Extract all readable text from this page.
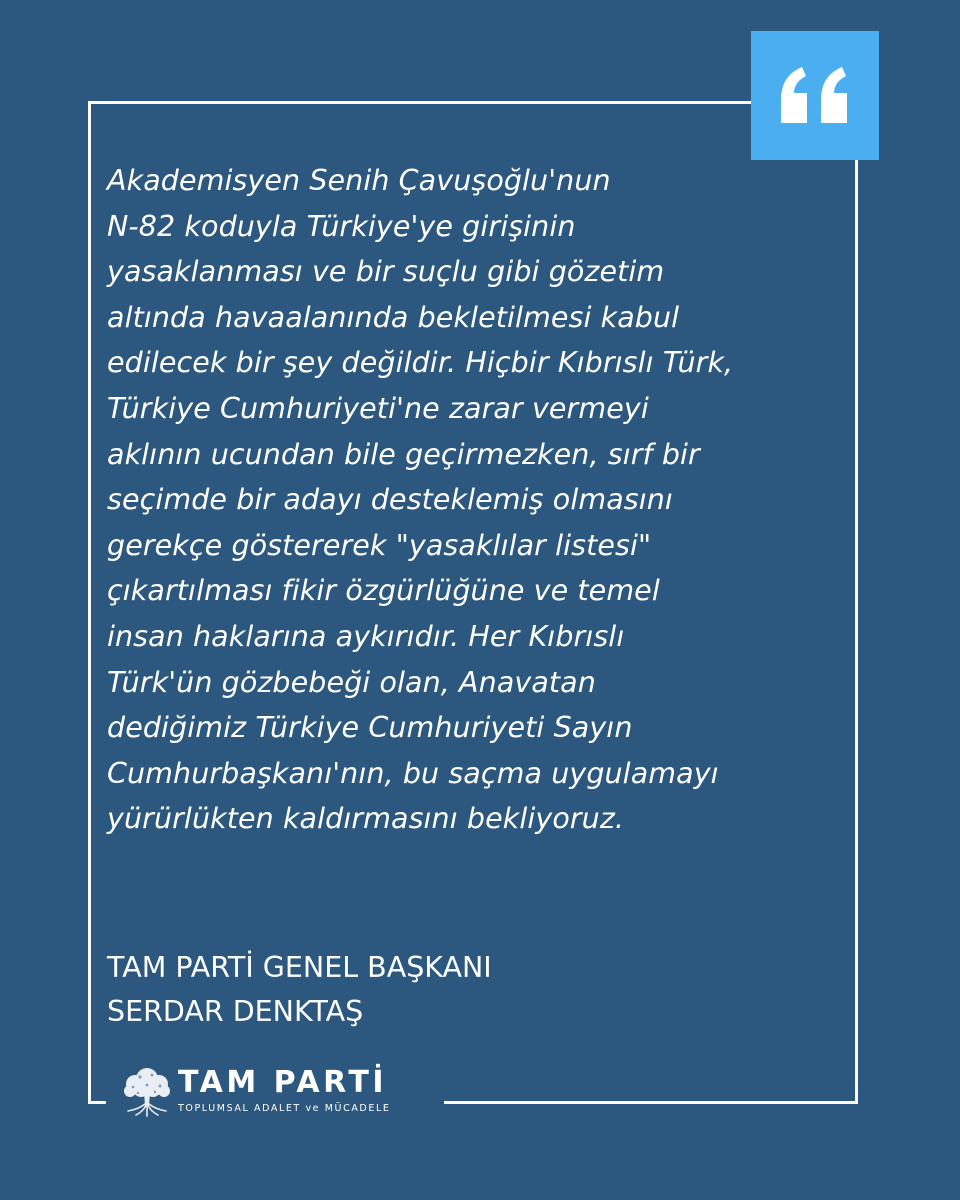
Akademisyen Senih Çavuşoğlu'nun
N-82 koduyla Türkiye'ye girişinin
yasaklanması ve bir suçlu gibi gözetim
altında havaalanında bekletilmesi kabul
edilecek bir şey değildir. Hiçbir Kıbrıslı Türk,
Türkiye Cumhuriyeti'ne zarar vermeyi
aklının ucundan bile geçirmezken, sırf bir
seçimde bir adayı desteklemiş olmasını
gerekçe göstererek "yasaklılar listesi"
çıkartılması fikir özgürlüğüne ve temel
insan haklarına aykırıdır. Her Kıbrıslı
Türk'ün gözbebeği olan, Anavatan
dediğimiz Türkiye Cumhuriyeti Sayın
Cumhurbaşkanı'nın, bu saçma uygulamayı
yürürlükten kaldırmasını bekliyoruz.

TAM PARTİ GENEL BAŞKANI
SERDAR DENKTAŞ
TAM PARTİ
TOPLUMSAL ADALET ve MÜCADELE
